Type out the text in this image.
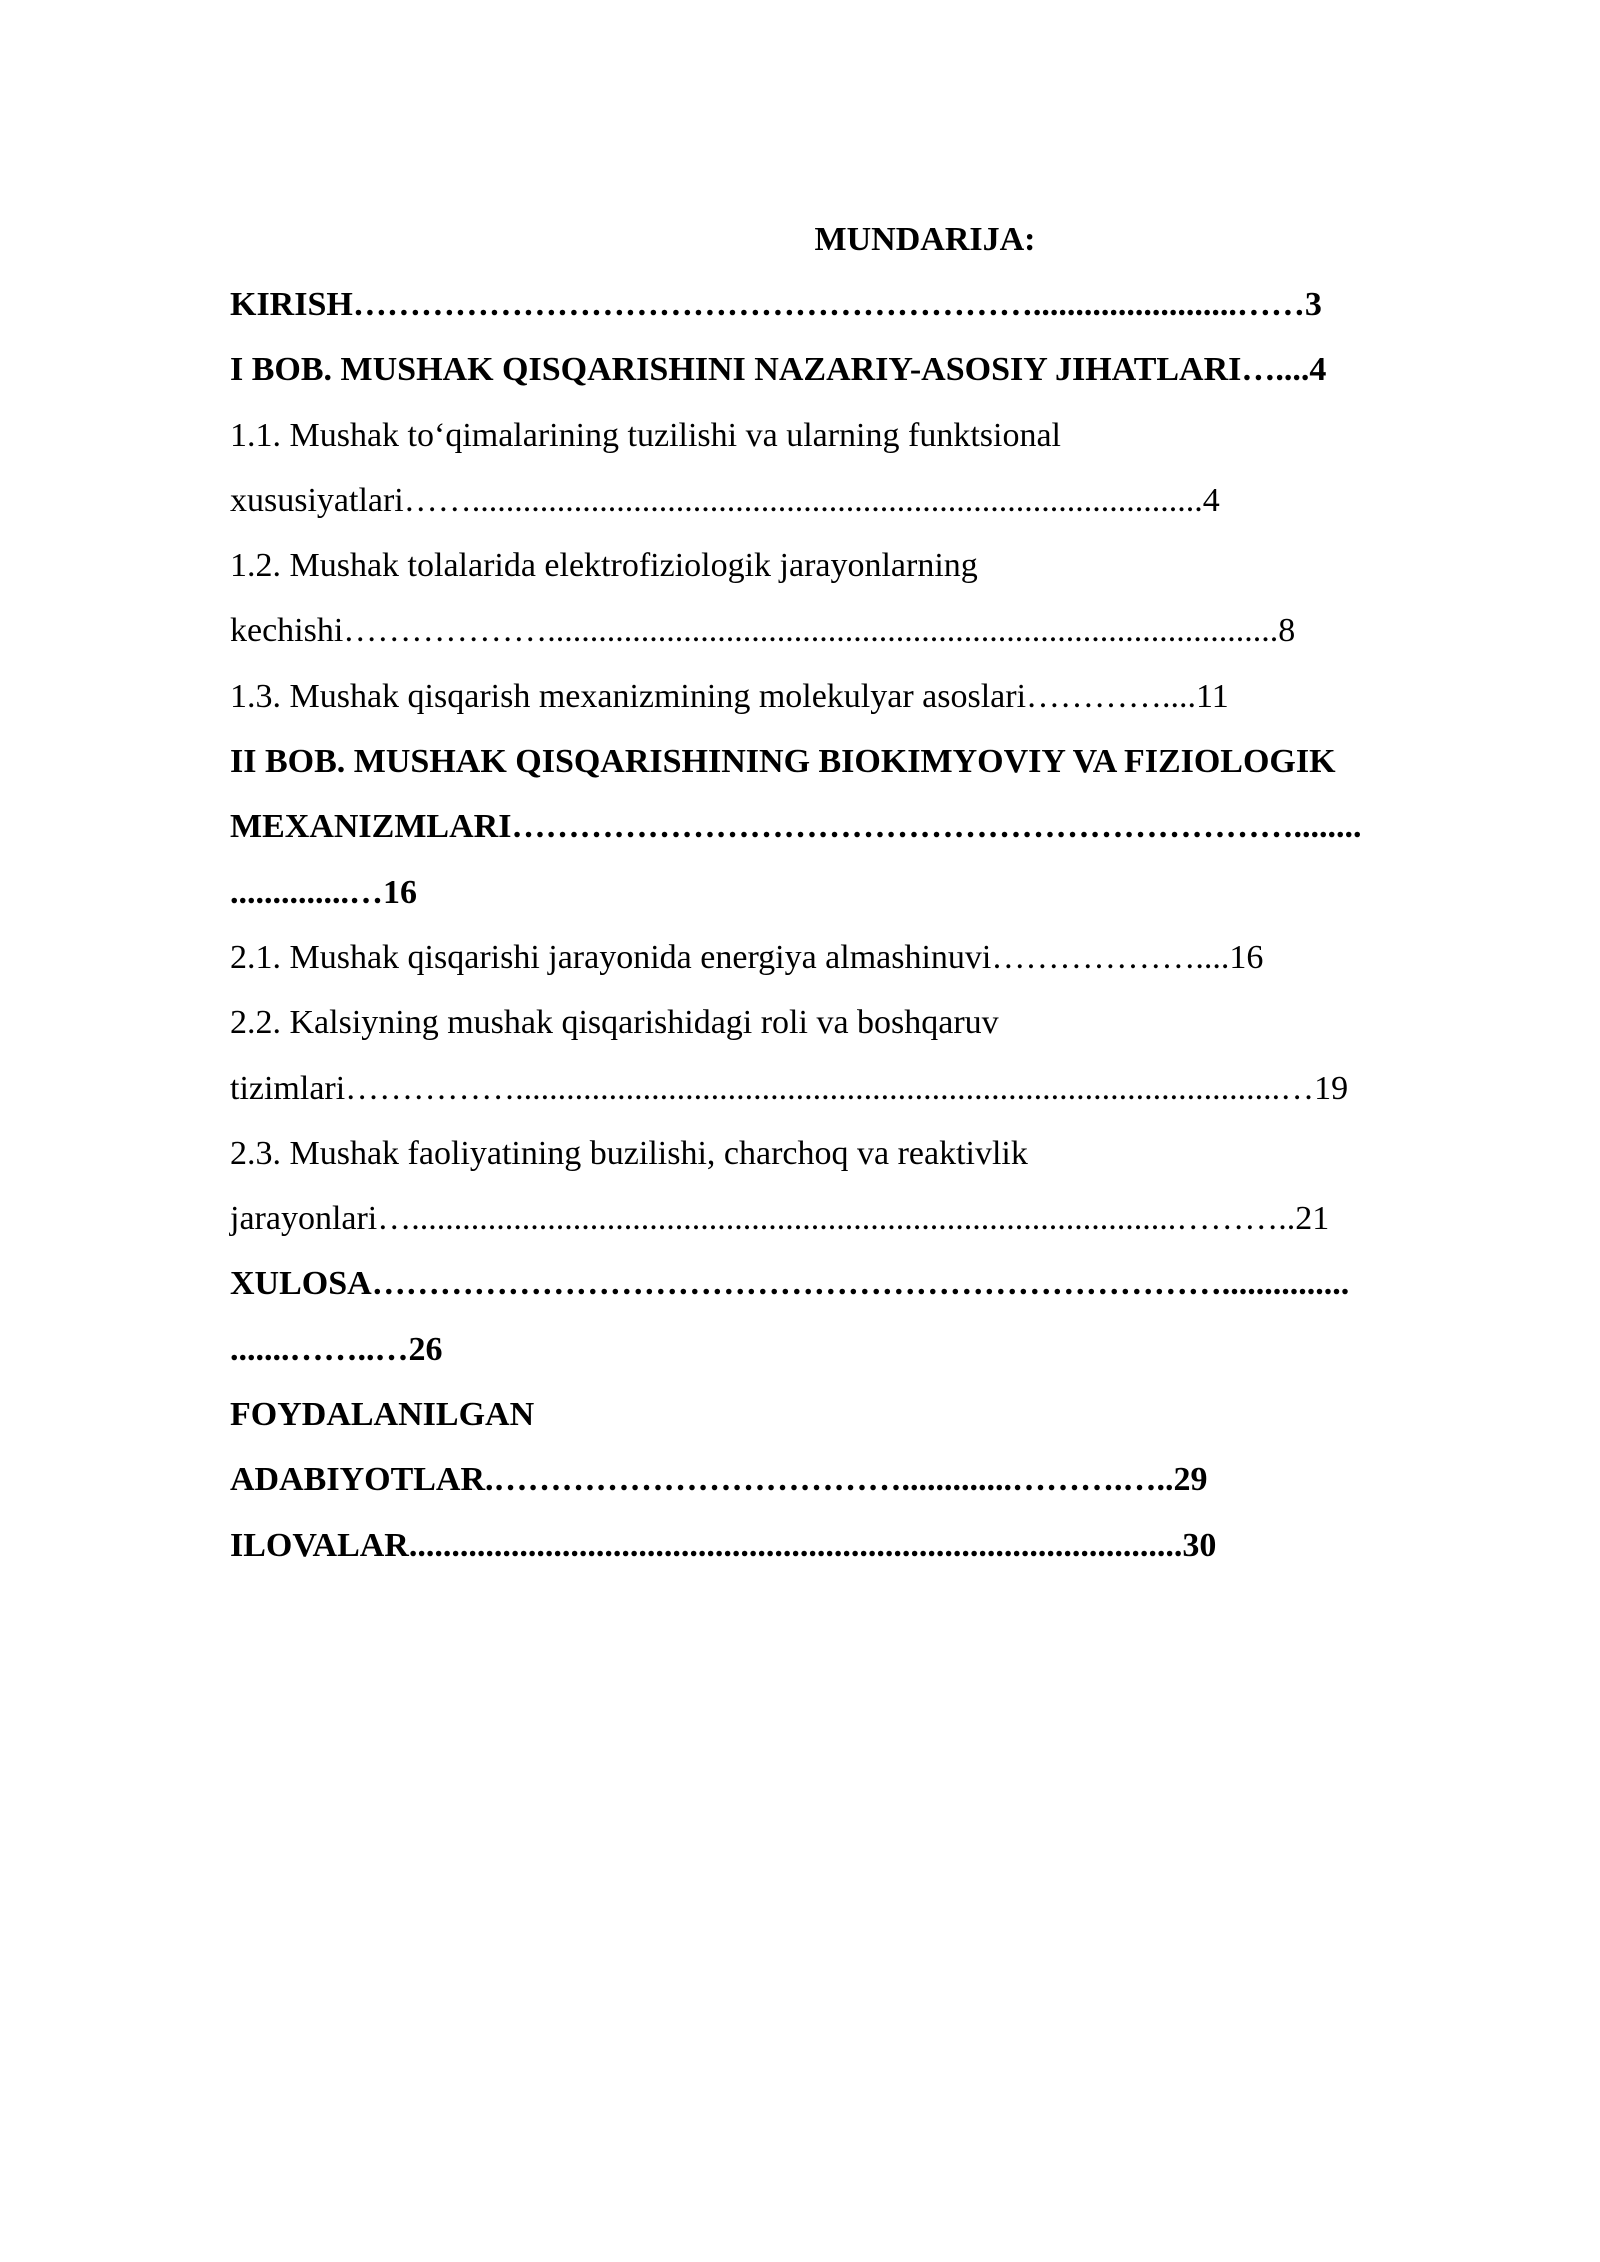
MUNDARIJA:

KIRISH……………………………………………………........................……3

I BOB. MUSHAK QISQARISHINI NAZARIY-ASOSIY JIHATLARI…....4

1.1. Mushak to‘qimalarining tuzilishi va ularning funktsional

xususiyatlari……......................................................................................4

1.2. Mushak tolalarida elektrofiziologik jarayonlarning

kechishi………………......................................................................................8

1.3. Mushak qisqarish mexanizmining molekulyar asoslari…………....11

II BOB. MUSHAK QISQARISHINING BIOKIMYOVIY VA FIZIOLOGIK

MEXANIZMLARI……………………………………………………………........

..............…16

2.1. Mushak qisqarishi jarayonida energiya almashinuvi………………....16

2.2. Kalsiyning mushak qisqarishidagi roli va boshqaruv

tizimlari……………..........................................................................................…19

2.3. Mushak faoliyatining buzilishi, charchoq va reaktivlik

jarayonlari…..........................................................................................………..21

XULOSA…………………………………………………………………...............

.......……..…26

FOYDALANILGAN

ADABIYOTLAR.……………………………….............……….…..29

ILOVALAR...........................................................................................30
